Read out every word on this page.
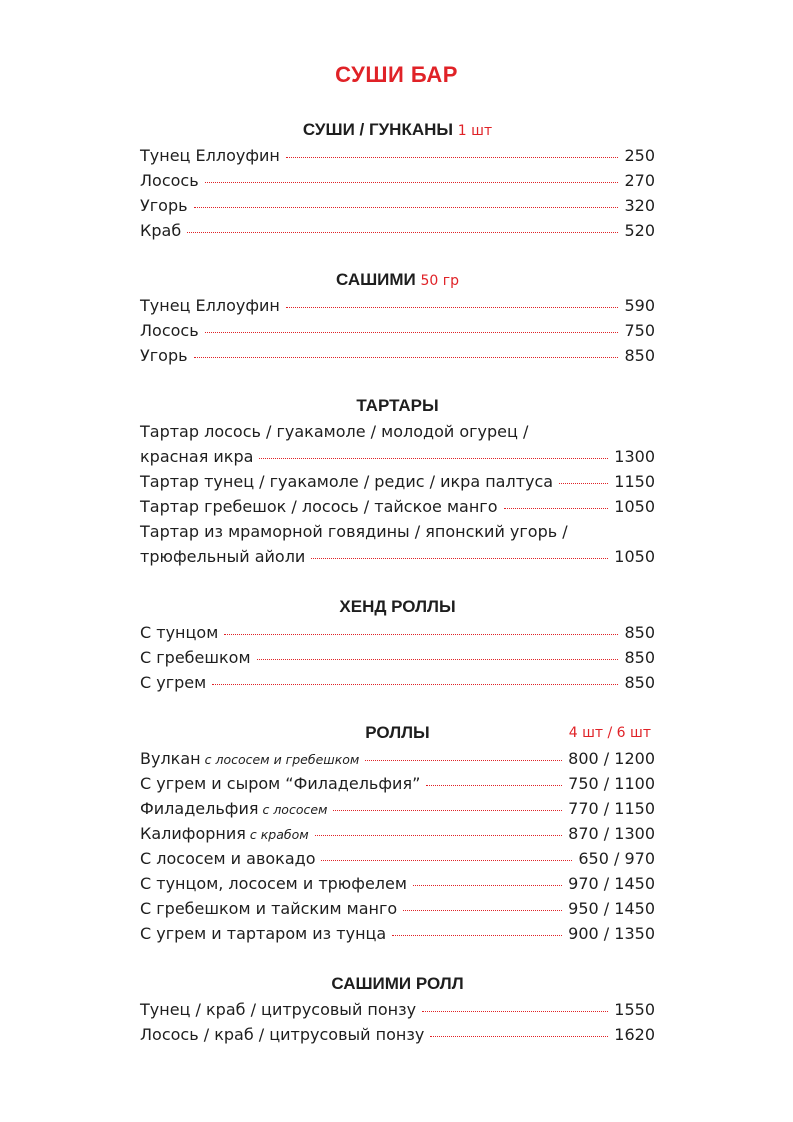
СУШИ БАР
СУШИ / ГУНКАНЫ 1 шт
Тунец Еллоуфин	250
Лосось	270
Угорь	320
Краб	520
САШИМИ 50 гр
Тунец Еллоуфин	590
Лосось	750
Угорь	850
ТАРТАРЫ
Тартар лосось / гуакамоле / молодой огурец /
красная икра	1300
Тартар тунец / гуакамоле / редис / икра палтуса	1150
Тартар гребешок / лосось / тайское манго	1050
Тартар из мраморной говядины / японский угорь /
трюфельный айоли	1050
ХЕНД РОЛЛЫ
С тунцом	850
С гребешком	850
С угрем	850
РОЛЛЫ	4 шт / 6 шт
Вулкан с лососем и гребешком	800 / 1200
С угрем и сыром “Филадельфия”	750 / 1100
Филадельфия с лососем	770 / 1150
Калифорния с крабом	870 / 1300
С лососем и авокадо	650 / 970
С тунцом, лососем и трюфелем	970 / 1450
С гребешком и тайским манго	950 / 1450
С угрем и тартаром из тунца	900 / 1350
САШИМИ РОЛЛ
Тунец / краб / цитрусовый понзу	1550
Лосось / краб / цитрусовый понзу	1620
